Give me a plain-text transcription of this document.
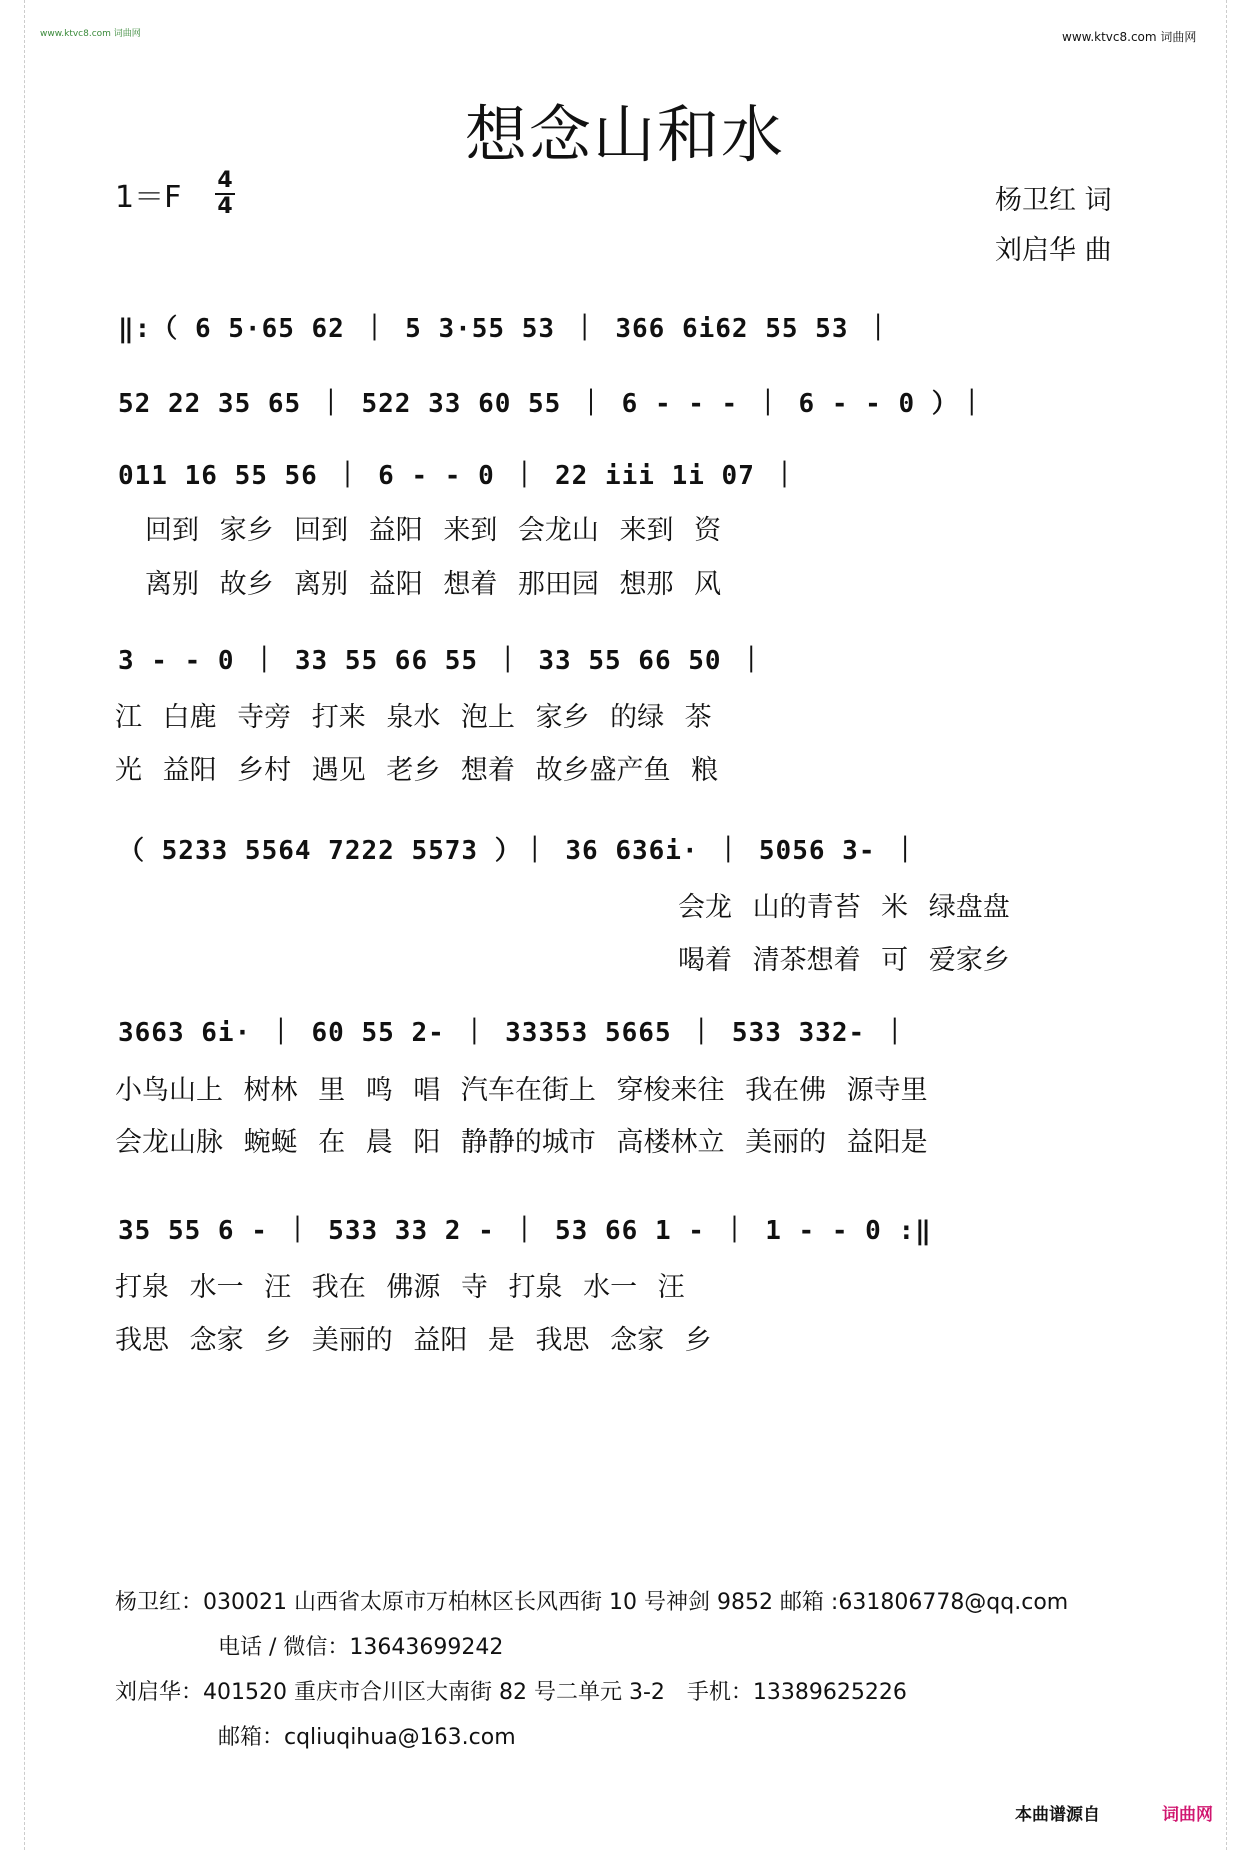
www.ktvc8.com 词曲网	www.ktvc8.com 词曲网
想念山和水
1＝F 4
4	杨卫红 词
刘启华 曲
‖:（ 6 5·65 62 ｜ 5 3·55 53 ｜ 366 6i62 55 53 ｜
52 22 35 65 ｜ 522 33 60 55 ｜ 6 - - - ｜ 6 - - 0 ）｜
011 16 55 56 ｜ 6 - - 0 ｜ 22 iii 1i 07 ｜
回到 家乡 回到 益阳 来到 会龙山 来到 资
离别 故乡 离别 益阳 想着 那田园 想那 风
3 - - 0 ｜ 33 55 66 55 ｜ 33 55 66 50 ｜
江 白鹿 寺旁 打来 泉水 泡上 家乡 的绿 茶
光 益阳 乡村 遇见 老乡 想着 故乡盛产鱼 粮
（ 5233 5564 7222 5573 ）｜ 36 636i· ｜ 5056 3- ｜
会龙 山的青苔 米 绿盘盘
喝着 清茶想着 可 爱家乡
3663 6i· ｜ 60 55 2- ｜ 33353 5665 ｜ 533 332- ｜
小鸟山上 树林 里 鸣 唱 汽车在街上 穿梭来往 我在佛 源寺里
会龙山脉 蜿蜒 在 晨 阳 静静的城市 高楼林立 美丽的 益阳是
35 55 6 - ｜ 533 33 2 - ｜ 53 66 1 - ｜ 1 - - 0 :‖
打泉 水一 汪 我在 佛源 寺 打泉 水一 汪
我思 念家 乡 美丽的 益阳 是 我思 念家 乡
杨卫红：030021 山西省太原市万柏林区长风西街 10 号神剑 9852 邮箱 :631806778@qq.com
电话 / 微信：13643699242
刘启华：401520 重庆市合川区大南街 82 号二单元 3-2　手机：13389625226
邮箱：cqliuqihua@163.com
本曲谱源自	词曲网
